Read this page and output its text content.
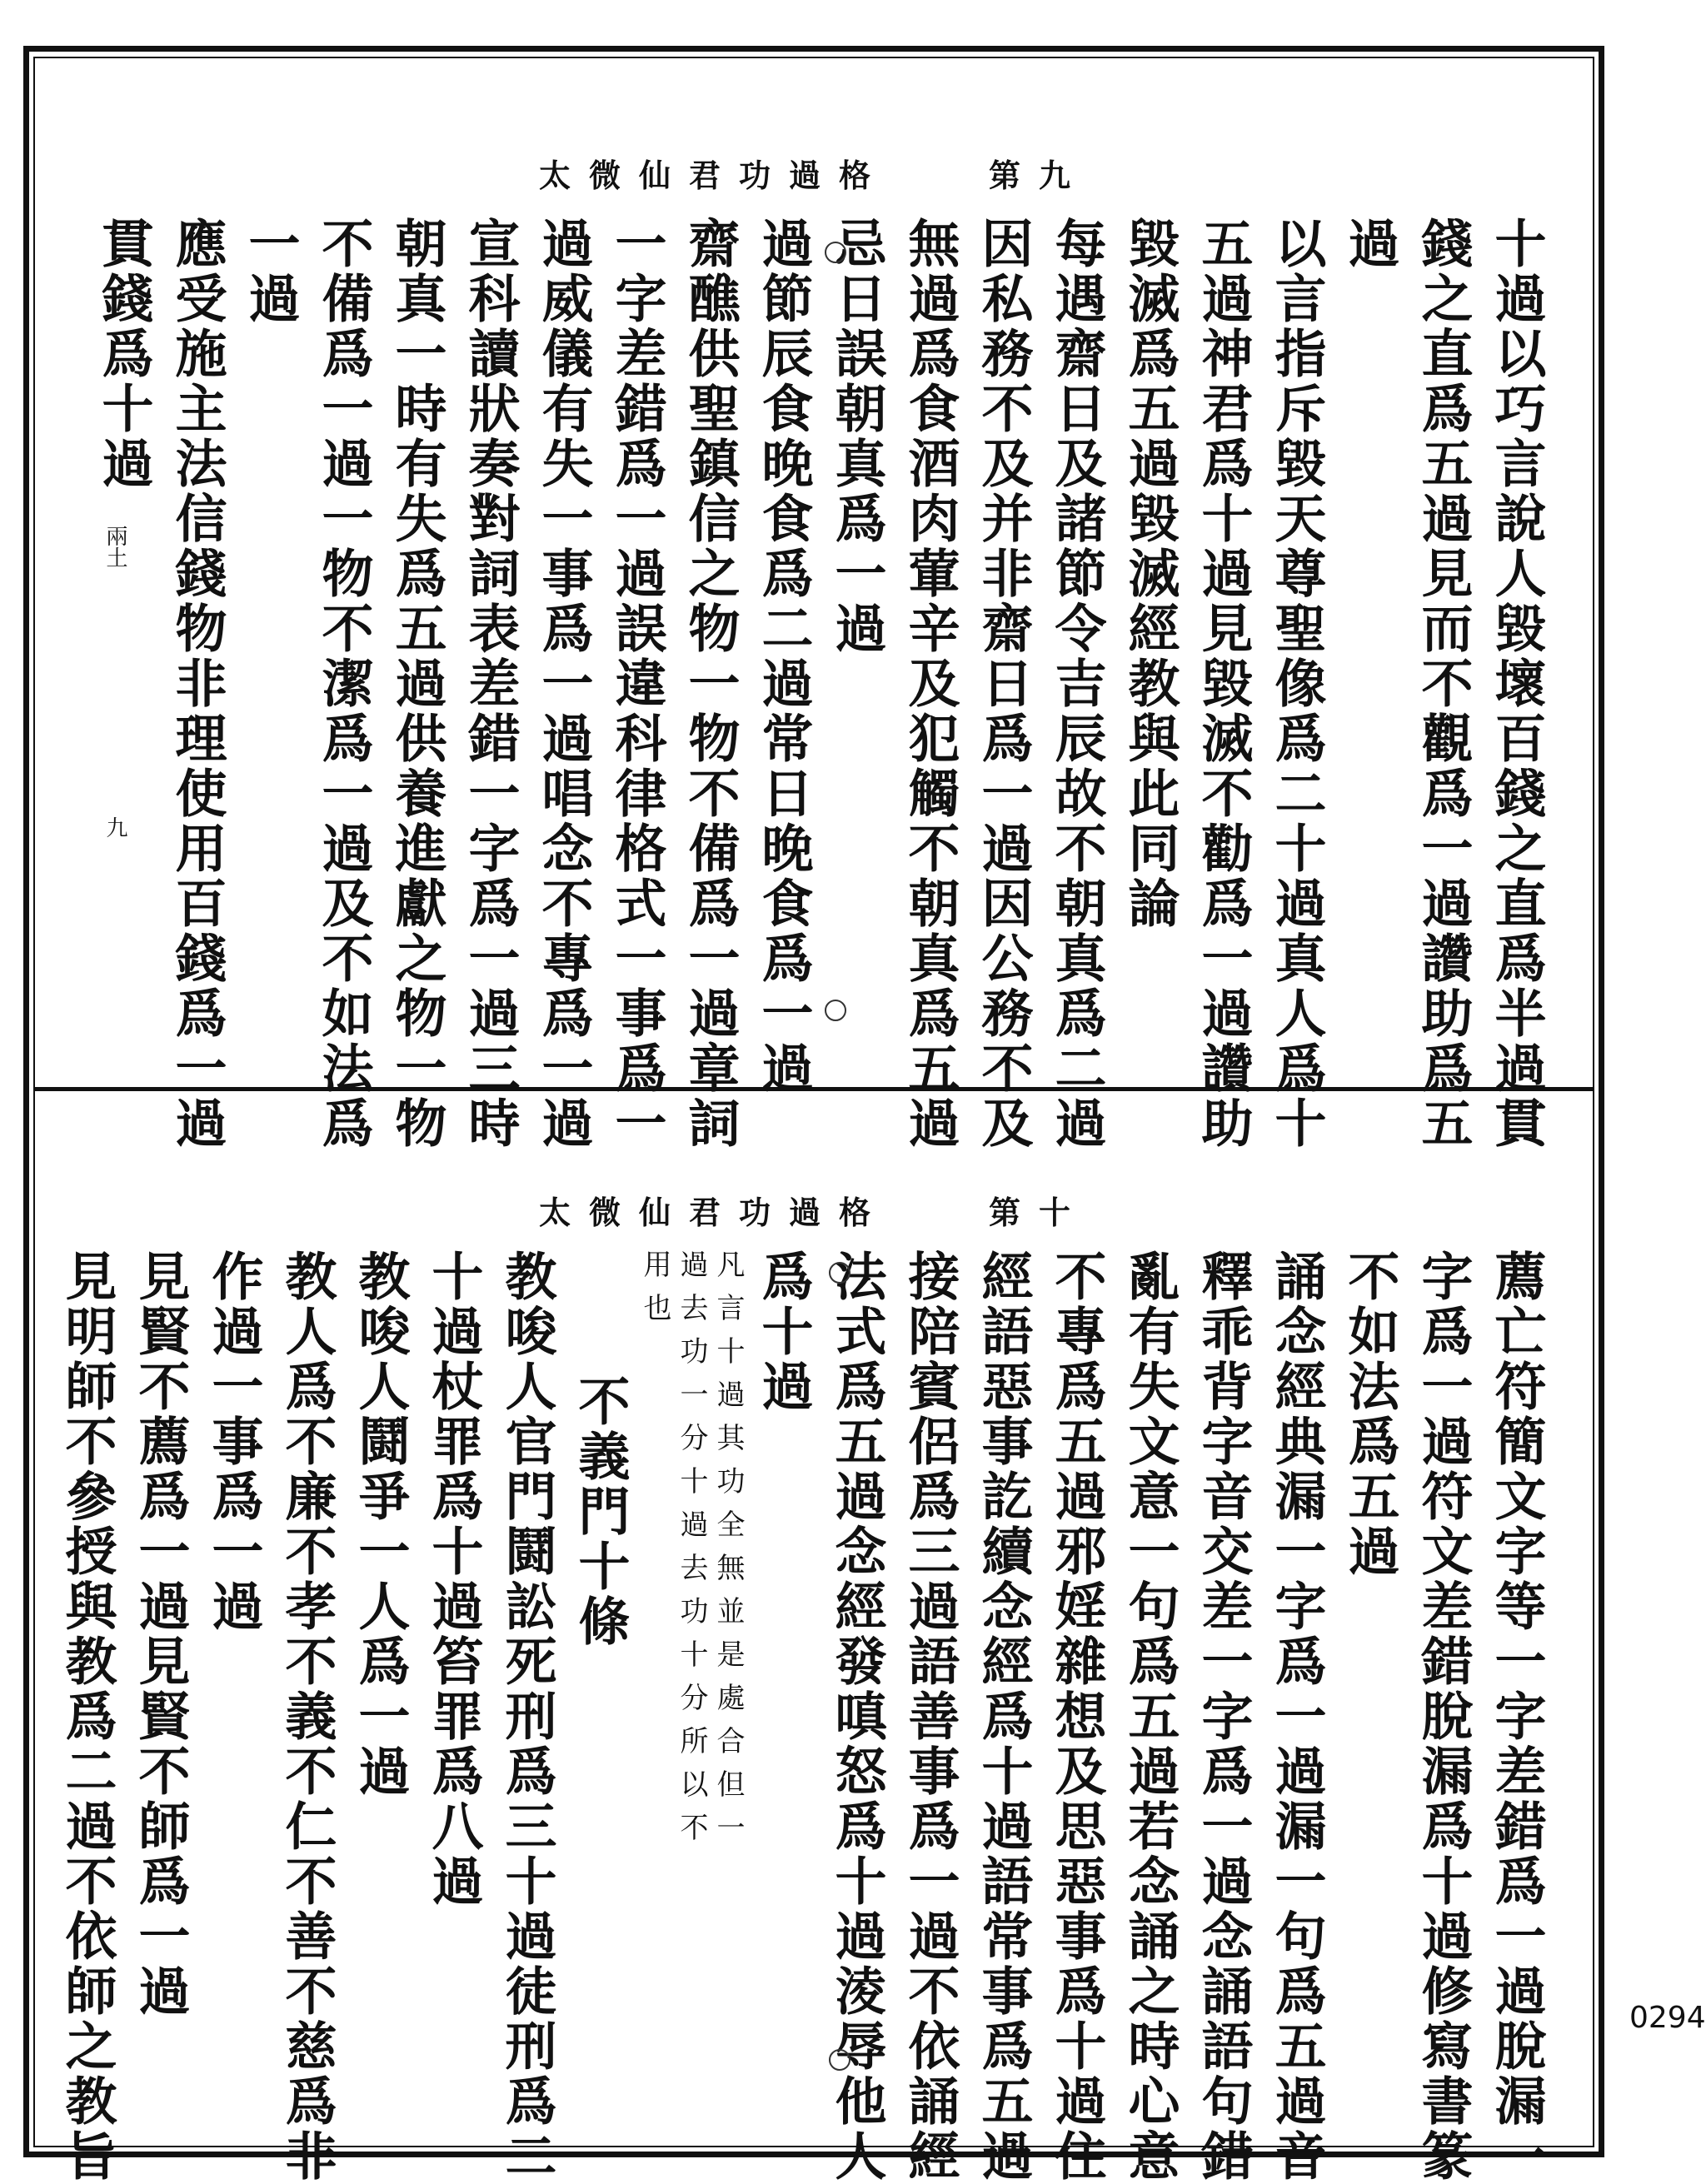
太微仙君功過格　　第九
十過以巧言說人毀壞百錢之直爲半過貫
錢之直爲五過見而不觀爲一過讚助爲五
過
以言指斥毀天尊聖像爲二十過真人爲十
五過神君爲十過見毀滅不勸爲一過讚助
毀滅爲五過毀滅經教與此同論
每遇齋日及諸節令吉辰故不朝真爲二過
因私務不及并非齋日爲一過因公務不及
無過爲食酒肉葷辛及犯觸不朝真爲五過
忌日誤朝真爲一過
過節辰食晚食爲二過常日晚食爲一過
齋醮供聖鎮信之物一物不備爲一過章詞
一字差錯爲一過誤違科律格式一事爲一
過威儀有失一事爲一過唱念不專爲一過
宣科讀狀奏對詞表差錯一字爲一過三時
朝真一時有失爲五過供養進獻之物一物
不備爲一過一物不潔爲一過及不如法爲
一過
應受施主法信錢物非理使用百錢爲一過
貫錢爲十過
兩土
九
太微仙君功過格　　第十
薦亡符簡文字等一字差錯爲一過脫漏一
字爲一過符文差錯脫漏爲十過修寫書篆
不如法爲五過
誦念經典漏一字爲一過漏一句爲五過音
釋乖背字音交差一字爲一過念誦語句錯
亂有失文意一句爲五過若念誦之時心意
不專爲五過邪婬雜想及思惡事爲十過住
經語惡事訖續念經爲十過語常事爲五過
接陪賓侶爲三過語善事爲一過不依誦經
法式爲五過念經發嗔怒爲十過淩辱他人
爲十過
凡言十過其功全無並是處合但一
過去功一分十過去功十分所以不
用也
不義門十條
教唆人官門鬪訟死刑爲三十過徒刑爲二
十過杖罪爲十過笞罪爲八過
教唆人鬪爭一人爲一過
教人爲不廉不孝不義不仁不善不慈爲非
作過一事爲一過
見賢不薦爲一過見賢不師爲一過
見明師不參授與教爲二過不依師之教旨	0294
